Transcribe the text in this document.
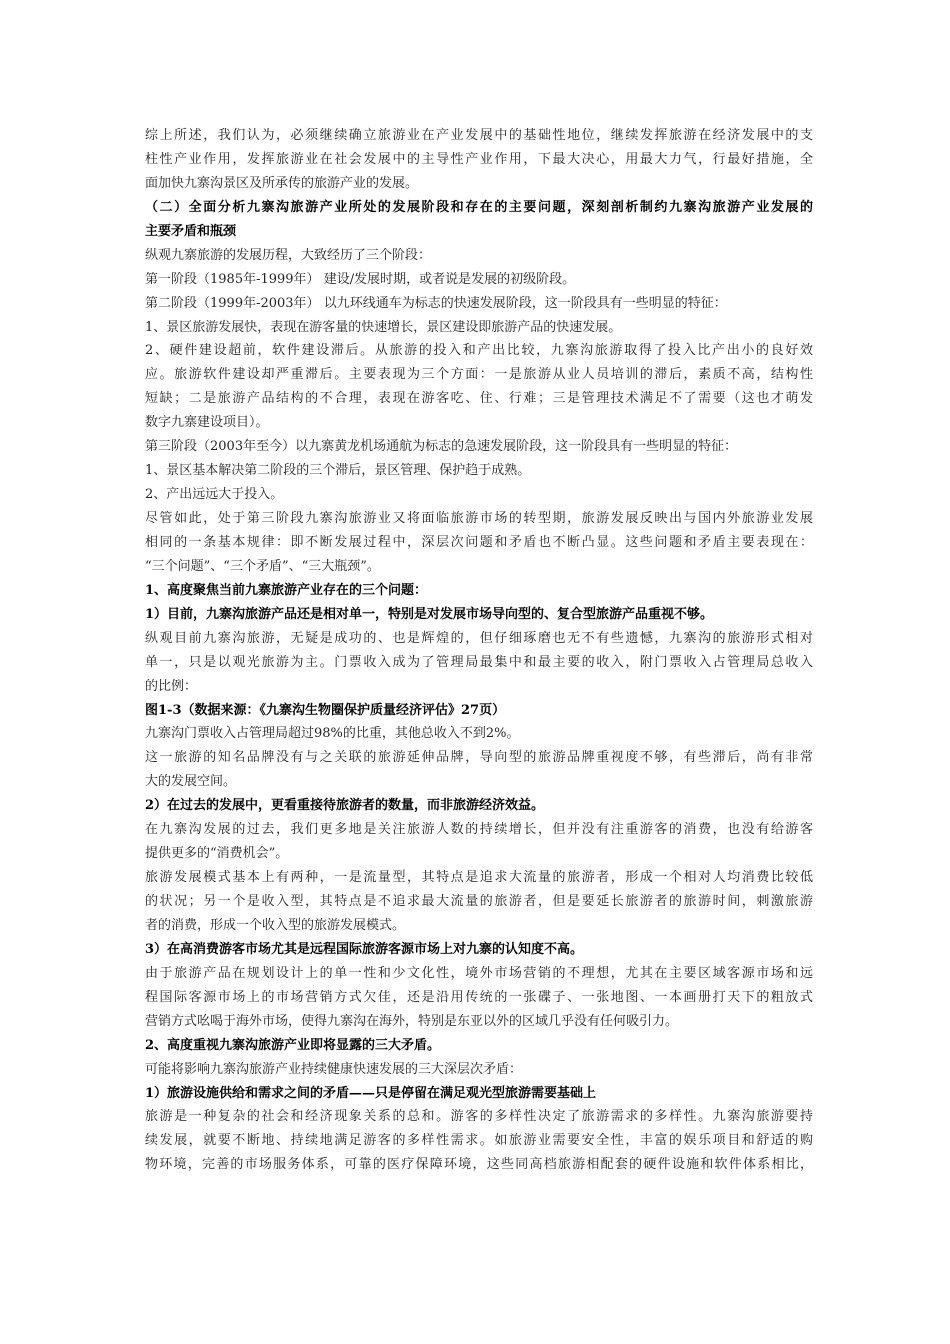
综上所述，我们认为，必须继续确立旅游业在产业发展中的基础性地位，继续发挥旅游在经济发展中的支
柱性产业作用，发挥旅游业在社会发展中的主导性产业作用，下最大决心，用最大力气，行最好措施，全
面加快九寨沟景区及所承传的旅游产业的发展。
（二）全面分析九寨沟旅游产业所处的发展阶段和存在的主要问题，深刻剖析制约九寨沟旅游产业发展的
主要矛盾和瓶颈
纵观九寨旅游的发展历程，大致经历了三个阶段：
第一阶段（1985年-1999年） 建设/发展时期，或者说是发展的初级阶段。
第二阶段（1999年-2003年） 以九环线通车为标志的快速发展阶段，这一阶段具有一些明显的特征：
1、景区旅游发展快，表现在游客量的快速增长，景区建设即旅游产品的快速发展。
2、硬件建设超前，软件建设滞后。从旅游的投入和产出比较，九寨沟旅游取得了投入比产出小的良好效
应。旅游软件建设却严重滞后。主要表现为三个方面：一是旅游从业人员培训的滞后，素质不高，结构性
短缺；二是旅游产品结构的不合理，表现在游客吃、住、行难；三是管理技术满足不了需要（这也才萌发
数字九寨建设项目）。
第三阶段（2003年至今）以九寨黄龙机场通航为标志的急速发展阶段，这一阶段具有一些明显的特征：
1、景区基本解决第二阶段的三个滞后，景区管理、保护趋于成熟。
2、产出远远大于投入。
尽管如此，处于第三阶段九寨沟旅游业又将面临旅游市场的转型期，旅游发展反映出与国内外旅游业发展
相同的一条基本规律：即不断发展过程中，深层次问题和矛盾也不断凸显。这些问题和矛盾主要表现在：
“三个问题”、“三个矛盾”、“三大瓶颈”。
1、高度聚焦当前九寨旅游产业存在的三个问题：
1）目前，九寨沟旅游产品还是相对单一，特别是对发展市场导向型的、复合型旅游产品重视不够。
纵观目前九寨沟旅游，无疑是成功的、也是辉煌的，但仔细琢磨也无不有些遗憾，九寨沟的旅游形式相对
单一，只是以观光旅游为主。门票收入成为了管理局最集中和最主要的收入，附门票收入占管理局总收入
的比例：
图1-3（数据来源：《九寨沟生物圈保护质量经济评估》27页）
九寨沟门票收入占管理局超过98%的比重，其他总收入不到2%。
这一旅游的知名品牌没有与之关联的旅游延伸品牌，导向型的旅游品牌重视度不够，有些滞后，尚有非常
大的发展空间。
2）在过去的发展中，更看重接待旅游者的数量，而非旅游经济效益。
在九寨沟发展的过去，我们更多地是关注旅游人数的持续增长，但并没有注重游客的消费，也没有给游客
提供更多的“消费机会”。
旅游发展模式基本上有两种，一是流量型，其特点是追求大流量的旅游者，形成一个相对人均消费比较低
的状况；另一个是收入型，其特点是不追求最大流量的旅游者，但是要延长旅游者的旅游时间，刺激旅游
者的消费，形成一个收入型的旅游发展模式。
3）在高消费游客市场尤其是远程国际旅游客源市场上对九寨的认知度不高。
由于旅游产品在规划设计上的单一性和少文化性，境外市场营销的不理想，尤其在主要区域客源市场和远
程国际客源市场上的市场营销方式欠佳，还是沿用传统的一张碟子、一张地图、一本画册打天下的粗放式
营销方式吆喝于海外市场，使得九寨沟在海外，特别是东亚以外的区域几乎没有任何吸引力。
2、高度重视九寨沟旅游产业即将显露的三大矛盾。
可能将影响九寨沟旅游产业持续健康快速发展的三大深层次矛盾：
1）旅游设施供给和需求之间的矛盾——只是停留在满足观光型旅游需要基础上
旅游是一种复杂的社会和经济现象关系的总和。游客的多样性决定了旅游需求的多样性。九寨沟旅游要持
续发展，就要不断地、持续地满足游客的多样性需求。如旅游业需要安全性，丰富的娱乐项目和舒适的购
物环境，完善的市场服务体系，可靠的医疗保障环境，这些同高档旅游相配套的硬件设施和软件体系相比，
